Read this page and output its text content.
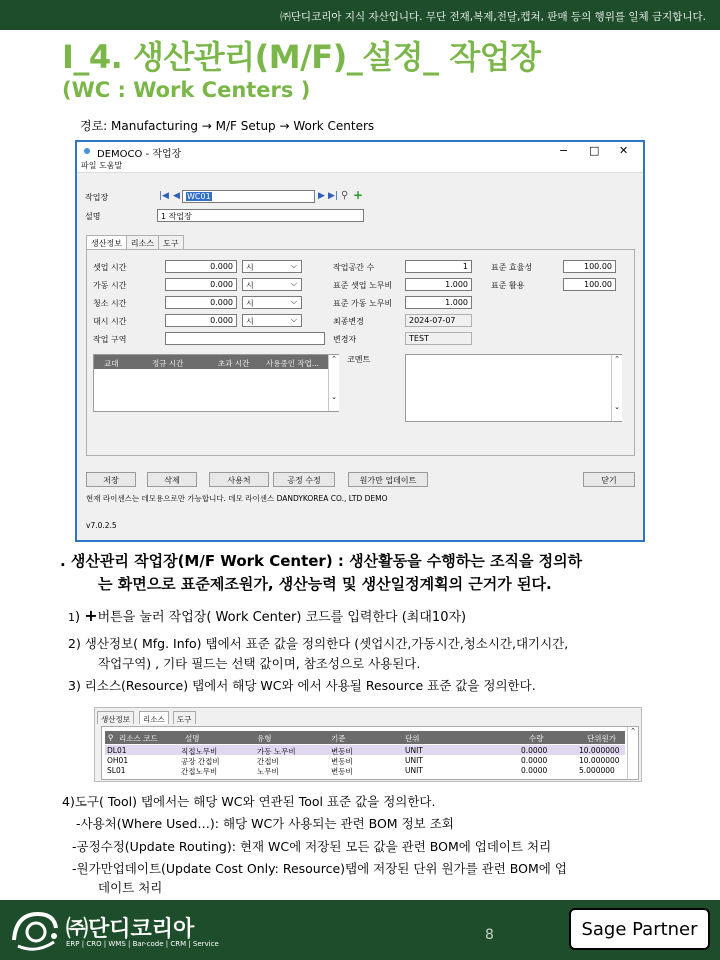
㈜단디코리아 지식 자산입니다. 무단 전재,복제,전달,캡쳐, 판매 등의 행위를 일체 금지합니다.
I_4. 생산관리(M/F)_설정_ 작업장
(WC : Work Centers )
경로: Manufacturing → M/F Setup → Work Centers
DEMOCO - 작업장	− □ ✕
파일 도움말
작업장	|◀ ◀ WC01	▶ ▶| ⚲ +
설명	1 작업장
생산정보 리소스 도구
셋업 시간	0.000	시	⌵
가동 시간	0.000	시	⌵
청소 시간	0.000	시	⌵
대시 시간	0.000	시	⌵
작업 구역
교대	정규 시간	초과 시간 사용중인 작업... ⌃
⌄
작업공간 수	1
표준 셋업 노무비	1.000
표준 가동 노무비	1.000
최종변경	2024-07-07
변경자	TEST
코멘트	⌃
⌄
표준 효율성	100.00
표준 활용	100.00
저장	삭제	사용처	공정 수정	원가만 업데이트	닫기
현재 라이센스는 데모용으로만 가능합니다. 데모 라이센스 DANDYKOREA CO., LTD DEMO
v7.0.2.5
. 생산관리 작업장(M/F Work Center) : 생산활동을 수행하는 조직을 정의하
는 화면으로 표준제조원가, 생산능력 및 생산일정계획의 근거가 된다.
1) +버튼을 눌러 작업장( Work Center) 코드를 입력한다 (최대10자)
2) 생산정보( Mfg. Info) 탭에서 표준 값을 정의한다 (셋업시간,가동시간,청소시간,대기시간,
작업구역) , 기타 필드는 선택 값이며, 참조성으로 사용된다.
3) 리소스(Resource) 탭에서 해당 WC와 에서 사용될 Resource 표준 값을 정의한다.
생산정보	리소스	도구
⚲ 리소스 코드	설명	유형	기준	단위	수량	단위원가
DL01	직접노무비	가동 노무비	변동비	UNIT	0.0000	10.000000
OH01	공장 간접비	간접비	변동비	UNIT	0.0000	10.000000
SL01	간접노무비	노무비	변동비	UNIT	0.0000	5.000000
⌃
4)도구( Tool) 탭에서는 해당 WC와 연관된 Tool 표준 값을 정의한다.
-사용처(Where Used…): 해당 WC가 사용되는 관련 BOM 정보 조회
-공정수정(Update Routing): 현재 WC에 저장된 모든 값을 관련 BOM에 업데이트 처리
-원가만업데이트(Update Cost Only: Resource)탭에 저장된 단위 원가를 관련 BOM에 업
데이트 처리
㈜단디코리아
ERP | CRO | WMS | Bar-code | CRM | Service
8	Sage Partner
